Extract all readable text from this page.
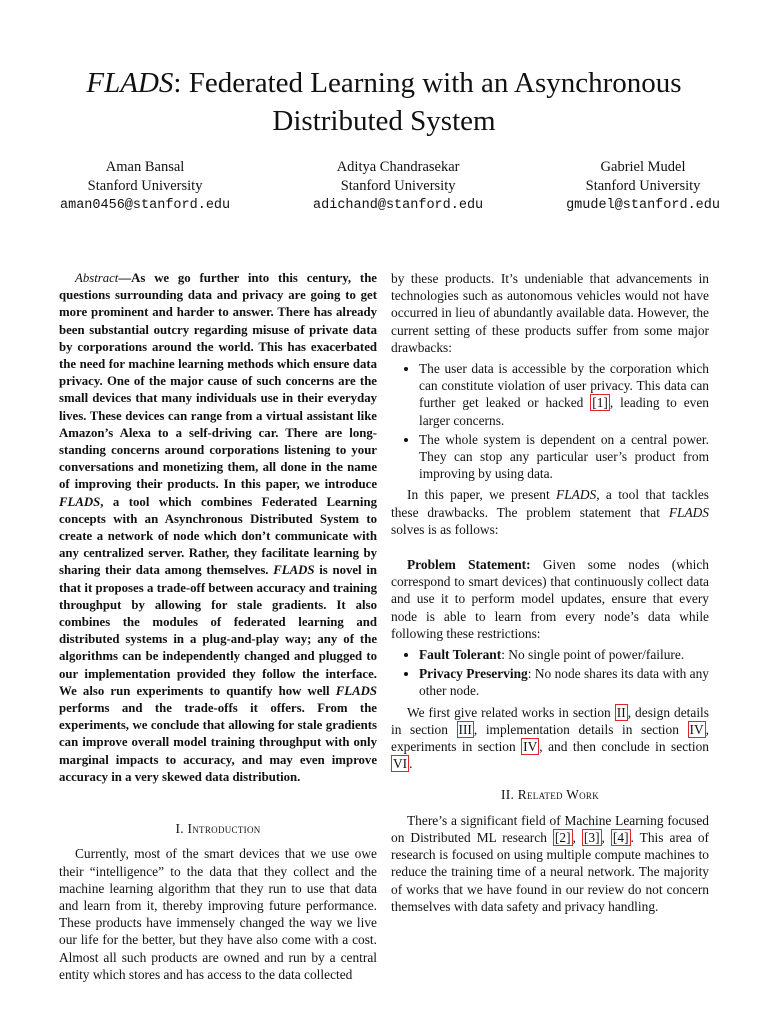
FLADS: Federated Learning with an Asynchronous
Distributed System
Aman Bansal
Stanford University
aman0456@stanford.edu
Aditya Chandrasekar
Stanford University
adichand@stanford.edu
Gabriel Mudel
Stanford University
gmudel@stanford.edu

Abstract—As we go further into this century, the questions surrounding data and privacy are going to get more prominent and harder to answer. There has already been substantial outcry regarding misuse of private data by corporations around the world. This has exacerbated the need for machine learning methods which ensure data privacy. One of the major cause of such concerns are the small devices that many individuals use in their everyday lives. These devices can range from a virtual assistant like Amazon’s Alexa to a self-driving car. There are long-standing concerns around corporations listening to your conversations and monetizing them, all done in the name of improving their products. In this paper, we introduce FLADS, a tool which combines Federated Learning concepts with an Asynchronous Distributed System to create a network of node which don’t communicate with any centralized server. Rather, they facilitate learning by sharing their data among themselves. FLADS is novel in that it proposes a trade-off between accuracy and training throughput by allowing for stale gradients. It also combines the modules of federated learning and distributed systems in a plug-and-play way; any of the algorithms can be independently changed and plugged to our implementation provided they follow the interface. We also run experiments to quantify how well FLADS performs and the trade-offs it offers. From the experiments, we conclude that allowing for stale gradients can improve overall model training throughput with only marginal impacts to accuracy, and may even improve accuracy in a very skewed data distribution.

I. Introduction

Currently, most of the smart devices that we use owe their “intelligence” to the data that they collect and the machine learning algorithm that they run to use that data and learn from it, thereby improving future performance. These products have immensely changed the way we live our life for the better, but they have also come with a cost. Almost all such products are owned and run by a central entity which stores and has access to the data collected

by these products. It’s undeniable that advancements in technologies such as autonomous vehicles would not have occurred in lieu of abundantly available data. However, the current setting of these products suffer from some major drawbacks:

• The user data is accessible by the corporation which can constitute violation of user privacy. This data can further get leaked or hacked [1] , leading to even larger concerns.
• The whole system is dependent on a central power. They can stop any particular user’s product from improving by using data.

In this paper, we present FLADS, a tool that tackles these drawbacks. The problem statement that FLADS solves is as follows:

Problem Statement: Given some nodes (which correspond to smart devices) that continuously collect data and use it to perform model updates, ensure that every node is able to learn from every node’s data while following these restrictions:

• Fault Tolerant: No single point of power/failure.
• Privacy Preserving: No node shares its data with any other node.

We first give related works in section II , design details in section III , implementation details in section IV , experiments in section IV , and then conclude in section VI .

II. Related Work

There’s a significant field of Machine Learning focused on Distributed ML research [2] , [3] , [4] . This area of research is focused on using multiple compute machines to reduce the training time of a neural network. The majority of works that we have found in our review do not concern themselves with data safety and privacy handling.
